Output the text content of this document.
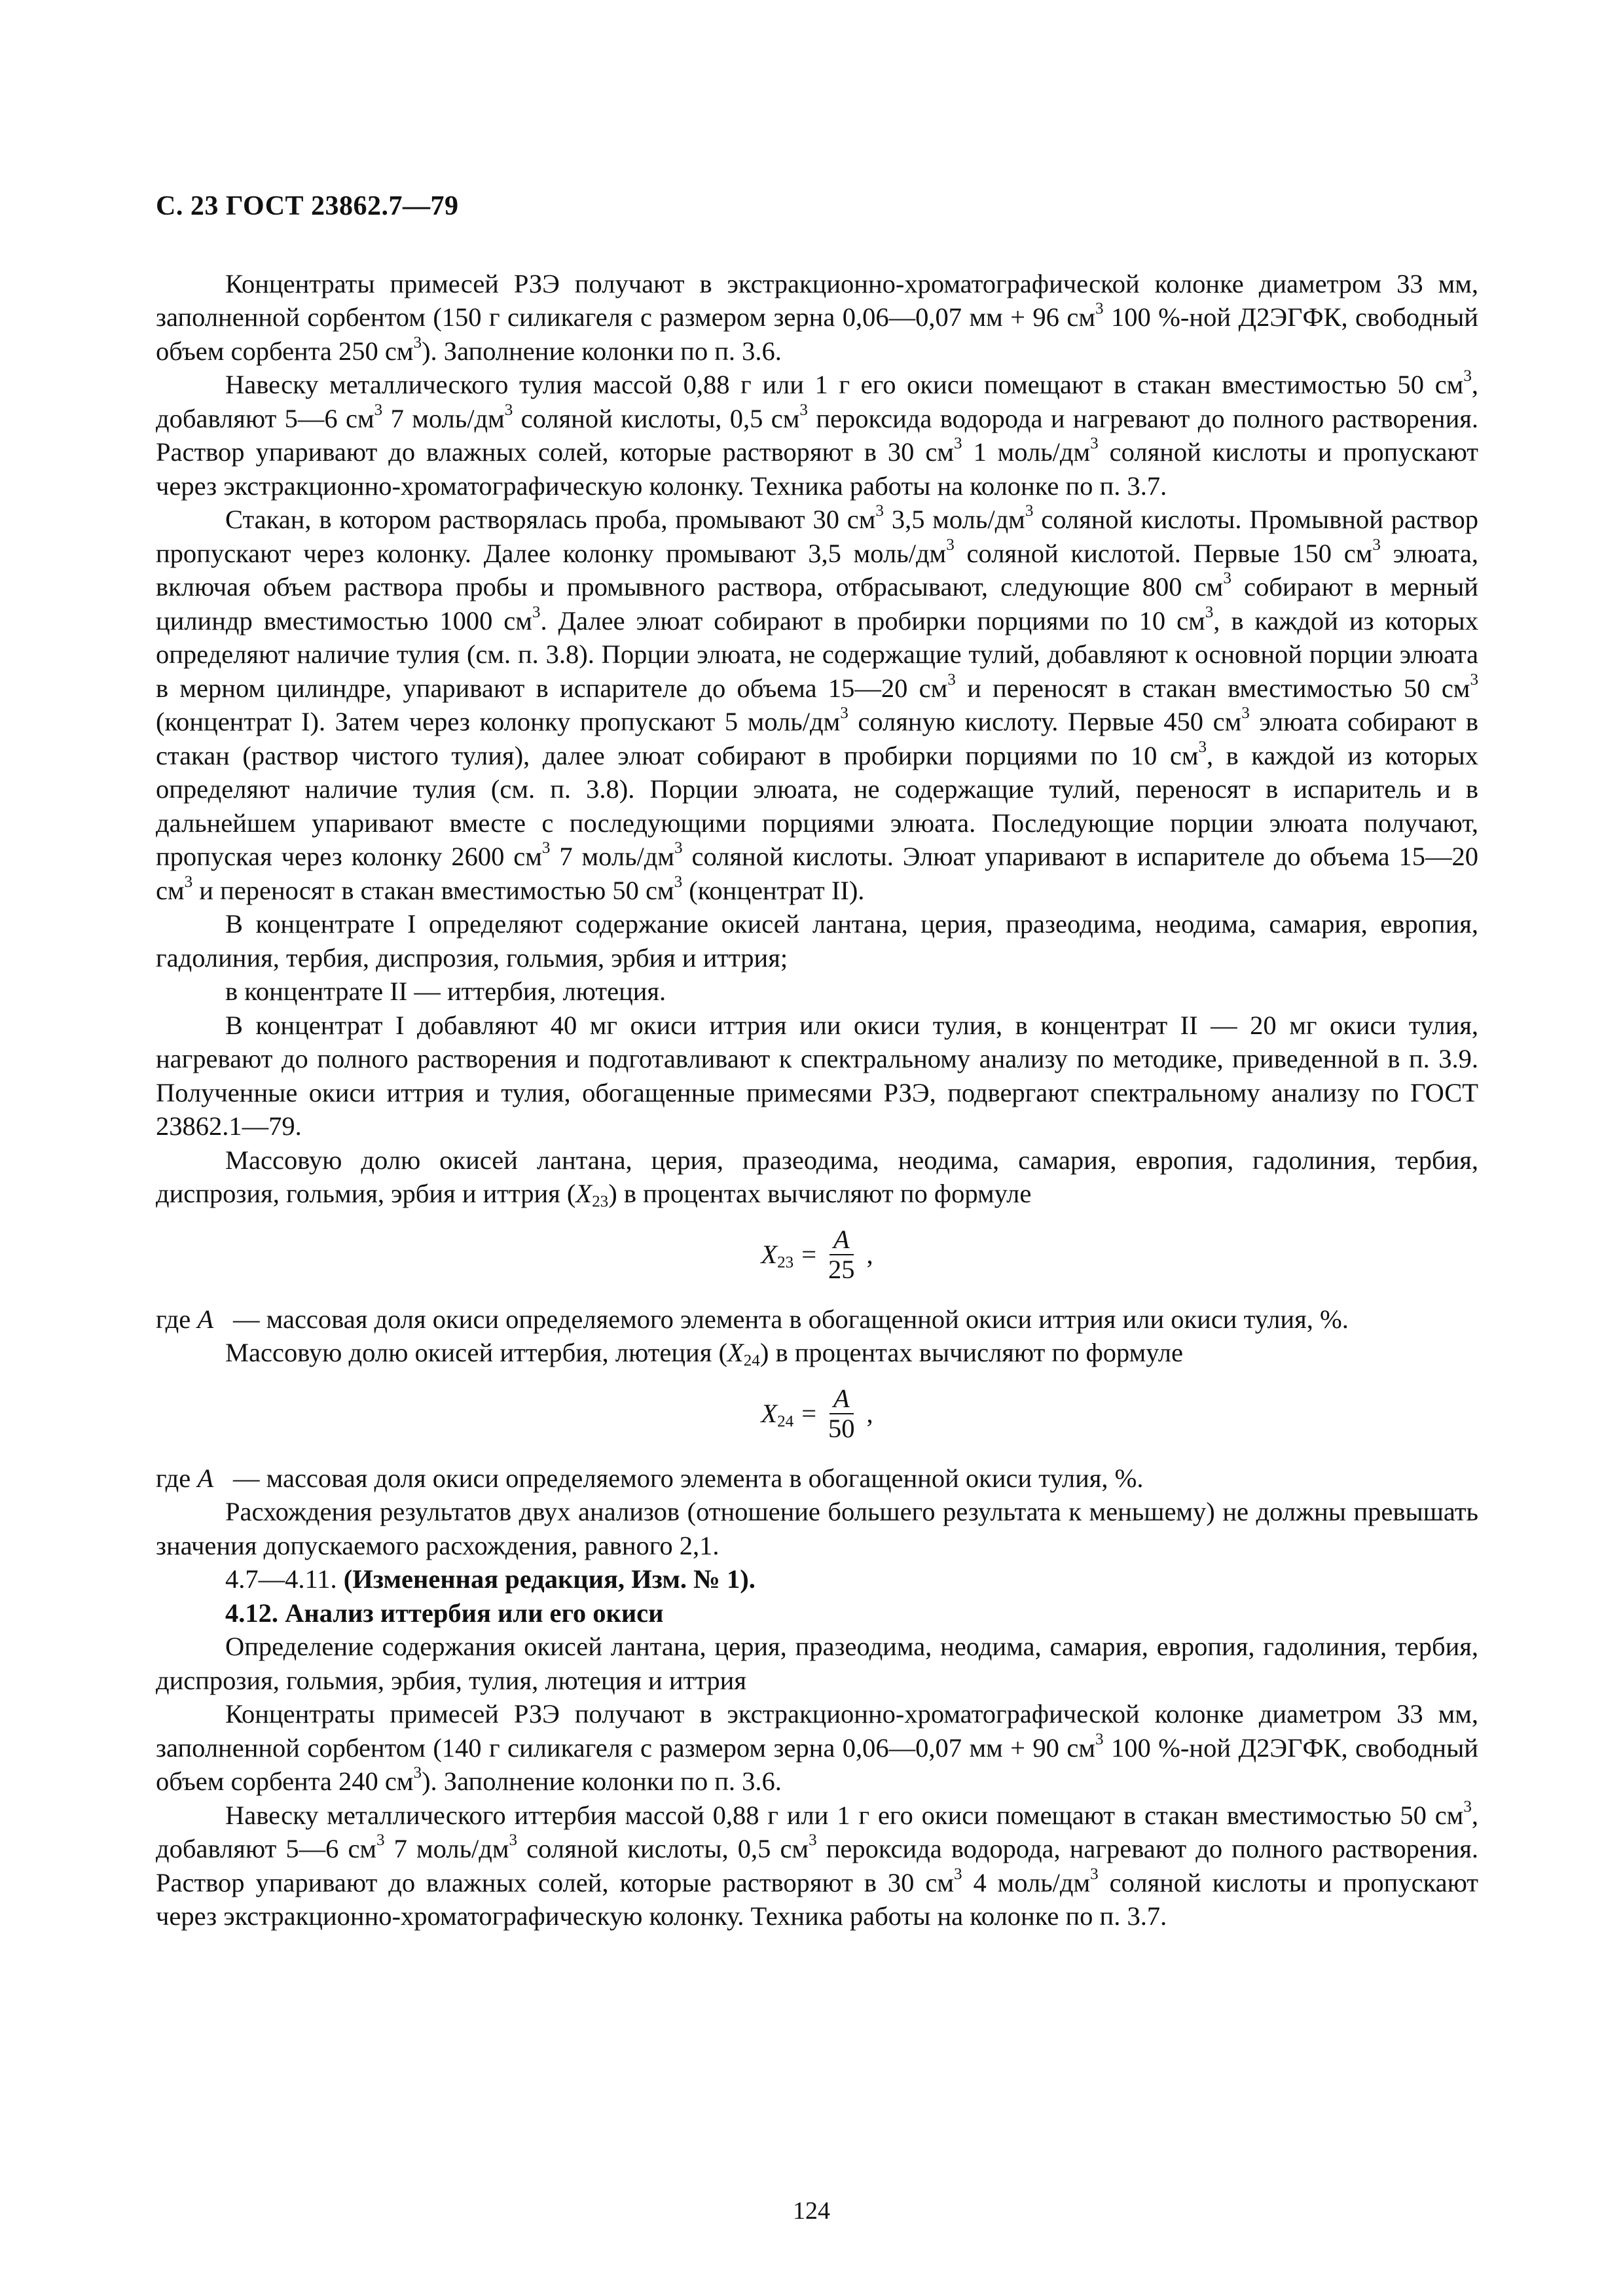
С. 23 ГОСТ 23862.7—79

Концентраты примесей РЗЭ получают в экстракционно-хроматографической колонке диаметром 33 мм, заполненной сорбентом (150 г силикагеля с размером зерна 0,06—0,07 мм + 96 $см^3$ 100 %-ной Д2ЭГФК, свободный объем сорбента 250 $см^3$). Заполнение колонки по п. 3.6.

Навеску металлического тулия массой 0,88 г или 1 г его окиси помещают в стакан вместимостью 50 $см^3$, добавляют 5—6 $см^3$ 7 моль/$дм^3$ соляной кислоты, 0,5 $см^3$ пероксида водорода и нагревают до полного растворения. Раствор упаривают до влажных солей, которые растворяют в 30 $см^3$ 1 моль/$дм^3$ соляной кислоты и пропускают через экстракционно-хроматографическую колонку. Техника работы на колонке по п. 3.7.

Стакан, в котором растворялась проба, промывают 30 $см^3$ 3,5 моль/$дм^3$ соляной кислоты. Промывной раствор пропускают через колонку. Далее колонку промывают 3,5 моль/$дм^3$ соляной кислотой. Первые 150 $см^3$ элюата, включая объем раствора пробы и промывного раствора, отбрасывают, следующие 800 $см^3$ собирают в мерный цилиндр вместимостью 1000 $см^3$. Далее элюат собирают в пробирки порциями по 10 $см^3$, в каждой из которых определяют наличие тулия (см. п. 3.8). Порции элюата, не содержащие тулий, добавляют к основной порции элюата в мерном цилиндре, упаривают в испарителе до объема 15—20 $см^3$ и переносят в стакан вместимостью 50 $см^3$ (концентрат I). Затем через колонку пропускают 5 моль/$дм^3$ соляную кислоту. Первые 450 $см^3$ элюата собирают в стакан (раствор чистого тулия), далее элюат собирают в пробирки порциями по 10 $см^3$, в каждой из которых определяют наличие тулия (см. п. 3.8). Порции элюата, не содержащие тулий, переносят в испаритель и в дальнейшем упаривают вместе с последующими порциями элюата. Последующие порции элюата получают, пропуская через колонку 2600 $см^3$ 7 моль/$дм^3$ соляной кислоты. Элюат упаривают в испарителе до объема 15—20 $см^3$ и переносят в стакан вместимостью 50 $см^3$ (концентрат II).

В концентрате I определяют содержание окисей лантана, церия, празеодима, неодима, самария, европия, гадолиния, тербия, диспрозия, гольмия, эрбия и иттрия;

в концентрате II — иттербия, лютеция.

В концентрат I добавляют 40 мг окиси иттрия или окиси тулия, в концентрат II — 20 мг окиси тулия, нагревают до полного растворения и подготавливают к спектральному анализу по методике, приведенной в п. 3.9. Полученные окиси иттрия и тулия, обогащенные примесями РЗЭ, подвергают спектральному анализу по ГОСТ 23862.1—79.

Массовую долю окисей лантана, церия, празеодима, неодима, самария, европия, гадолиния, тербия, диспрозия, гольмия, эрбия и иттрия $(X_{23})$ в процентах вычисляют по формуле

$X_{23} = \frac{A}{25}$ ,
где A — массовая доля окиси определяемого элемента в обогащенной окиси иттрия или окиси тулия, %.

Массовую долю окисей иттербия, лютеция $(X_{24})$ в процентах вычисляют по формуле

$X_{24} = \frac{A}{50}$ ,
где A — массовая доля окиси определяемого элемента в обогащенной окиси тулия, %.

Расхождения результатов двух анализов (отношение большего результата к меньшему) не должны превышать значения допускаемого расхождения, равного 2,1.

4.7—4.11. (Измененная редакция, Изм. № 1).

4.12. Анализ иттербия или его окиси

Определение содержания окисей лантана, церия, празеодима, неодима, самария, европия, гадолиния, тербия, диспрозия, гольмия, эрбия, тулия, лютеция и иттрия

Концентраты примесей РЗЭ получают в экстракционно-хроматографической колонке диаметром 33 мм, заполненной сорбентом (140 г силикагеля с размером зерна 0,06—0,07 мм + 90 $см^3$ 100 %-ной Д2ЭГФК, свободный объем сорбента 240 $см^3$). Заполнение колонки по п. 3.6.

Навеску металлического иттербия массой 0,88 г или 1 г его окиси помещают в стакан вместимостью 50 $см^3$, добавляют 5—6 $см^3$ 7 моль/$дм^3$ соляной кислоты, 0,5 $см^3$ пероксида водорода, нагревают до полного растворения. Раствор упаривают до влажных солей, которые растворяют в 30 $см^3$ 4 моль/$дм^3$ соляной кислоты и пропускают через экстракционно-хроматографическую колонку. Техника работы на колонке по п. 3.7.

124
